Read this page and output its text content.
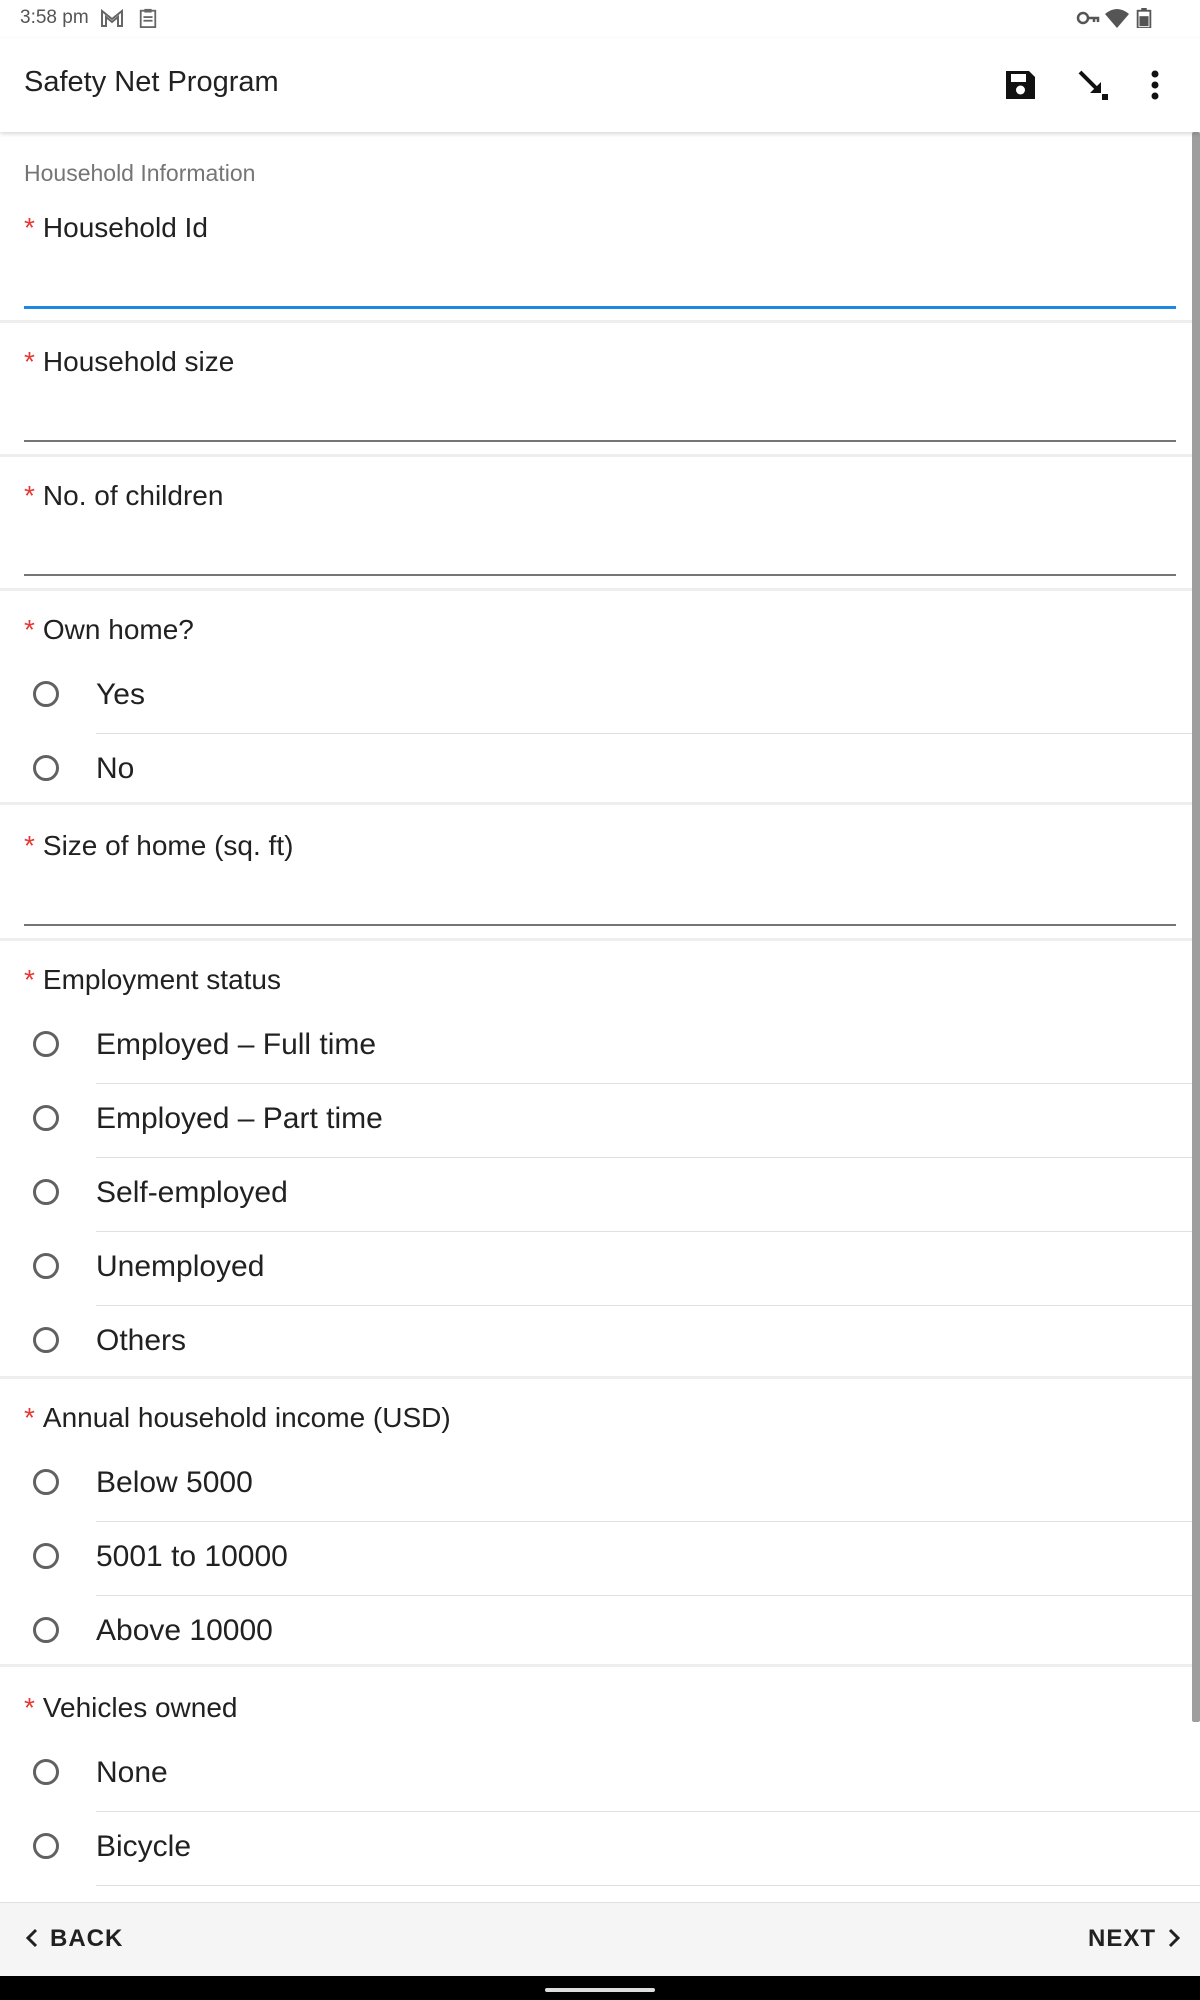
3:58 pm
Safety Net Program
Household Information
* Household Id
* Household size
* No. of children
* Own home?
Yes
No
* Size of home (sq. ft)
* Employment status
Employed – Full time
Employed – Part time
Self-employed
Unemployed
Others
* Annual household income (USD)
Below 5000
5001 to 10000
Above 10000
* Vehicles owned
None
Bicycle
BACK	NEXT
